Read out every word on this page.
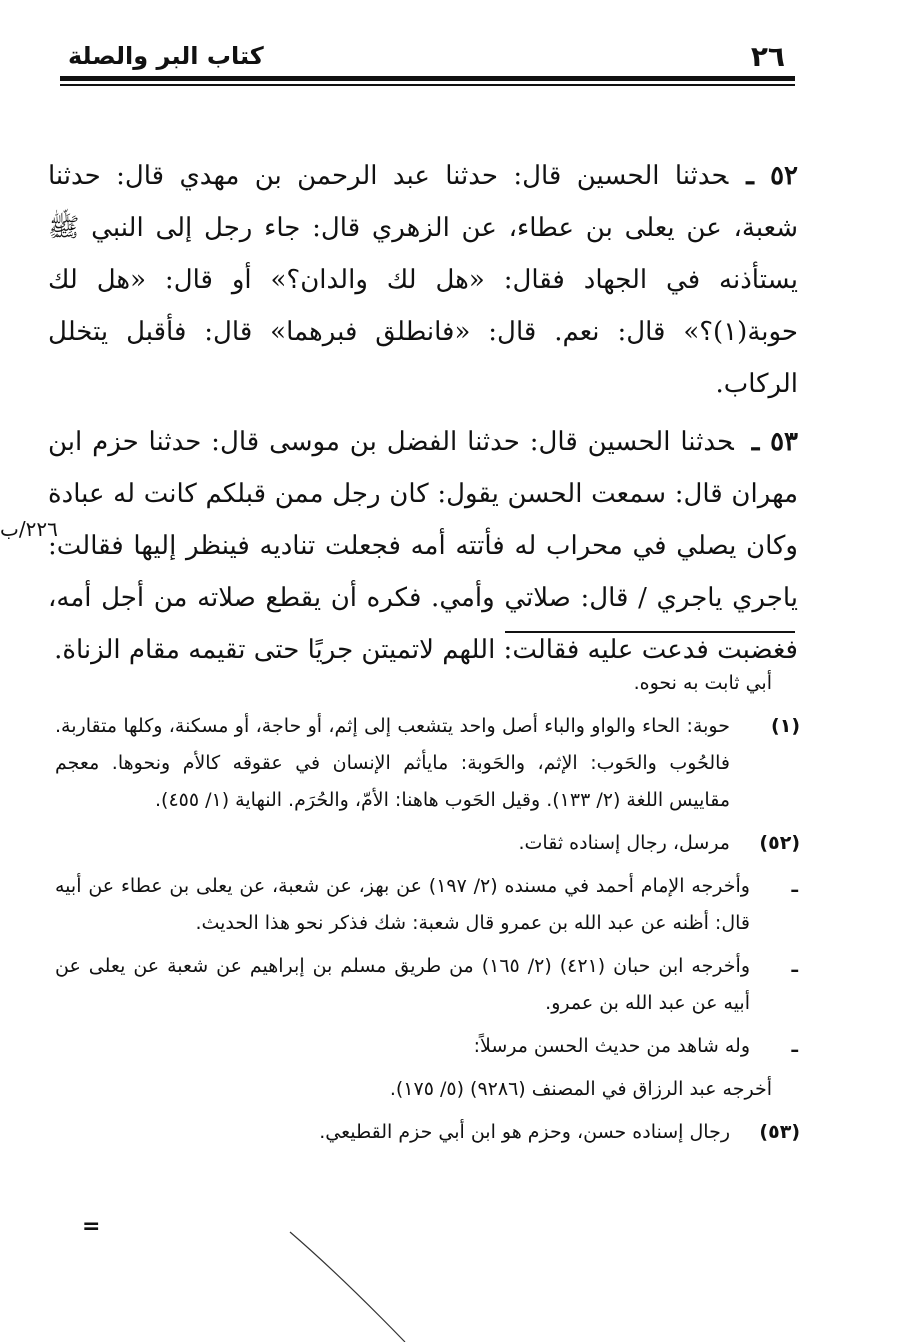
٢٦
كتاب البر والصلة

٥٢ ـحدثنا الحسين قال: حدثنا عبد الرحمن بن مهدي قال: حدثنا شعبة، عن يعلى بن عطاء، عن الزهري قال: جاء رجل إلى النبي ﷺ يستأذنه في الجهاد فقال: «هل لك والدان؟» أو قال: «هل لك حوبة(١)؟» قال: نعم. قال: «فانطلق فبرهما» قال: فأقبل يتخلل الركاب.

٥٣ ـحدثنا الحسين قال: حدثنا الفضل بن موسى قال: حدثنا حزم ابن مهران قال: سمعت الحسن يقول: كان رجل ممن قبلكم كانت له عبادة وكان يصلي في محراب له فأتته أمه فجعلت تناديه فينظر إليها فقالت: ياجري ياجري / قال: صلاتي وأمي. فكره أن يقطع صلاته من أجل أمه، فغضبت فدعت عليه فقالت: اللهم لاتميتن جريًا حتى تقيمه مقام الزناة.

٢٢٦/ب
أبي ثابت به نحوه.
(١)
حوبة: الحاء والواو والباء أصل واحد يتشعب إلى إثم، أو حاجة، أو مسكنة، وكلها متقاربة. فالحُوب والحَوب: الإثم، والحَوبة: مايأثم الإنسان في عقوقه كالأم ونحوها. معجم مقاييس اللغة (٢/ ١٣٣). وقيل الحَوب هاهنا: الأمّ، والحُرَم. النهاية (١/ ٤٥٥).
(٥٢)
مرسل، رجال إسناده ثقات.
ـ
وأخرجه الإمام أحمد في مسنده (٢/ ١٩٧) عن بهز، عن شعبة، عن يعلى بن عطاء عن أبيه قال: أظنه عن عبد الله بن عمرو قال شعبة: شك فذكر نحو هذا الحديث.
ـ
وأخرجه ابن حبان (٤٢١) (٢/ ١٦٥) من طريق مسلم بن إبراهيم عن شعبة عن يعلى عن أبيه عن عبد الله بن عمرو.
ـ
وله شاهد من حديث الحسن مرسلاً:
أخرجه عبد الرزاق في المصنف (٩٢٨٦) (٥/ ١٧٥).
(٥٣)
رجال إسناده حسن، وحزم هو ابن أبي حزم القطيعي.
=
